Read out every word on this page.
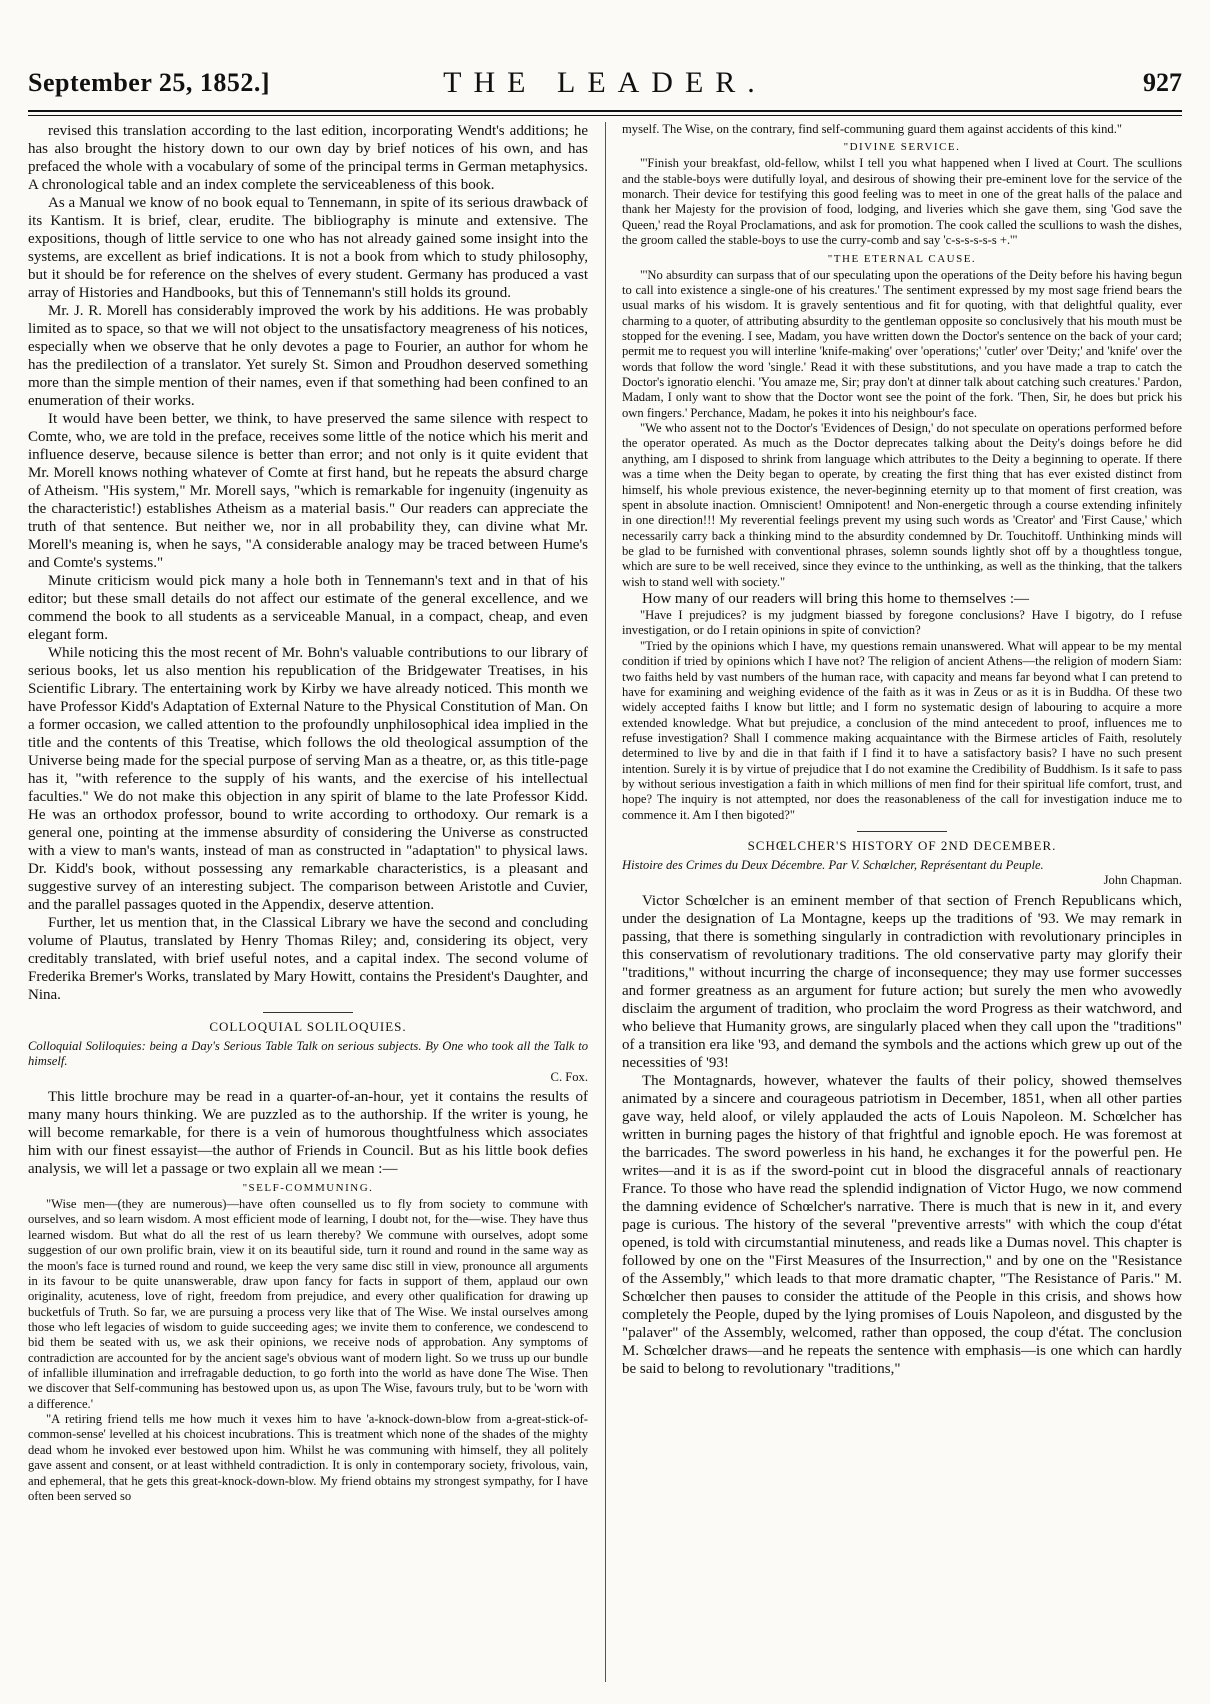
September 25, 1852.]	THE LEADER.	927

revised this translation according to the last edition, incorporating Wendt's additions; he has also brought the history down to our own day by brief notices of his own, and has prefaced the whole with a vocabulary of some of the principal terms in German metaphysics. A chronological table and an index complete the serviceableness of this book.

As a Manual we know of no book equal to Tennemann, in spite of its serious drawback of its Kantism. It is brief, clear, erudite. The bibliography is minute and extensive. The expositions, though of little service to one who has not already gained some insight into the systems, are excellent as brief indications. It is not a book from which to study philosophy, but it should be for reference on the shelves of every student. Germany has produced a vast array of Histories and Handbooks, but this of Tennemann's still holds its ground.

Mr. J. R. Morell has considerably improved the work by his additions. He was probably limited as to space, so that we will not object to the unsatisfactory meagreness of his notices, especially when we observe that he only devotes a page to Fourier, an author for whom he has the predilection of a translator. Yet surely St. Simon and Proudhon deserved something more than the simple mention of their names, even if that something had been confined to an enumeration of their works.

It would have been better, we think, to have preserved the same silence with respect to Comte, who, we are told in the preface, receives some little of the notice which his merit and influence deserve, because silence is better than error; and not only is it quite evident that Mr. Morell knows nothing whatever of Comte at first hand, but he repeats the absurd charge of Atheism. "His system," Mr. Morell says, "which is remarkable for ingenuity (ingenuity as the characteristic!) establishes Atheism as a material basis." Our readers can appreciate the truth of that sentence. But neither we, nor in all probability they, can divine what Mr. Morell's meaning is, when he says, "A considerable analogy may be traced between Hume's and Comte's systems."

Minute criticism would pick many a hole both in Tennemann's text and in that of his editor; but these small details do not affect our estimate of the general excellence, and we commend the book to all students as a serviceable Manual, in a compact, cheap, and even elegant form.

While noticing this the most recent of Mr. Bohn's valuable contributions to our library of serious books, let us also mention his republication of the Bridgewater Treatises, in his Scientific Library. The entertaining work by Kirby we have already noticed. This month we have Professor Kidd's Adaptation of External Nature to the Physical Constitution of Man. On a former occasion, we called attention to the profoundly unphilosophical idea implied in the title and the contents of this Treatise, which follows the old theological assumption of the Universe being made for the special purpose of serving Man as a theatre, or, as this title-page has it, "with reference to the supply of his wants, and the exercise of his intellectual faculties." We do not make this objection in any spirit of blame to the late Professor Kidd. He was an orthodox professor, bound to write according to orthodoxy. Our remark is a general one, pointing at the immense absurdity of considering the Universe as constructed with a view to man's wants, instead of man as constructed in "adaptation" to physical laws. Dr. Kidd's book, without possessing any remarkable characteristics, is a pleasant and suggestive survey of an interesting subject. The comparison between Aristotle and Cuvier, and the parallel passages quoted in the Appendix, deserve attention.

Further, let us mention that, in the Classical Library we have the second and concluding volume of Plautus, translated by Henry Thomas Riley; and, considering its object, very creditably translated, with brief useful notes, and a capital index. The second volume of Frederika Bremer's Works, translated by Mary Howitt, contains the President's Daughter, and Nina.

COLLOQUIAL SOLILOQUIES.

Colloquial Soliloquies: being a Day's Serious Table Talk on serious subjects. By One who took all the Talk to himself.

C. Fox.

This little brochure may be read in a quarter-of-an-hour, yet it contains the results of many many hours thinking. We are puzzled as to the authorship. If the writer is young, he will become remarkable, for there is a vein of humorous thoughtfulness which associates him with our finest essayist—the author of Friends in Council. But as his little book defies analysis, we will let a passage or two explain all we mean :—

"SELF-COMMUNING.

"Wise men—(they are numerous)—have often counselled us to fly from society to commune with ourselves, and so learn wisdom. A most efficient mode of learning, I doubt not, for the—wise. They have thus learned wisdom. But what do all the rest of us learn thereby? We commune with ourselves, adopt some suggestion of our own prolific brain, view it on its beautiful side, turn it round and round in the same way as the moon's face is turned round and round, we keep the very same disc still in view, pronounce all arguments in its favour to be quite unanswerable, draw upon fancy for facts in support of them, applaud our own originality, acuteness, love of right, freedom from prejudice, and every other qualification for drawing up bucketfuls of Truth. So far, we are pursuing a process very like that of The Wise. We instal ourselves among those who left legacies of wisdom to guide succeeding ages; we invite them to conference, we condescend to bid them be seated with us, we ask their opinions, we receive nods of approbation. Any symptoms of contradiction are accounted for by the ancient sage's obvious want of modern light. So we truss up our bundle of infallible illumination and irrefragable deduction, to go forth into the world as have done The Wise. Then we discover that Self-communing has bestowed upon us, as upon The Wise, favours truly, but to be 'worn with a difference.'

"A retiring friend tells me how much it vexes him to have 'a-knock-down-blow from a-great-stick-of-common-sense' levelled at his choicest incubrations. This is treatment which none of the shades of the mighty dead whom he invoked ever bestowed upon him. Whilst he was communing with himself, they all politely gave assent and consent, or at least withheld contradiction. It is only in contemporary society, frivolous, vain, and ephemeral, that he gets this great-knock-down-blow. My friend obtains my strongest sympathy, for I have often been served so

myself. The Wise, on the contrary, find self-communing guard them against accidents of this kind."

"DIVINE SERVICE.

"'Finish your breakfast, old-fellow, whilst I tell you what happened when I lived at Court. The scullions and the stable-boys were dutifully loyal, and desirous of showing their pre-eminent love for the service of the monarch. Their device for testifying this good feeling was to meet in one of the great halls of the palace and thank her Majesty for the provision of food, lodging, and liveries which she gave them, sing 'God save the Queen,' read the Royal Proclamations, and ask for promotion. The cook called the scullions to wash the dishes, the groom called the stable-boys to use the curry-comb and say 'c-s-s-s-s-s +.'"

"THE ETERNAL CAUSE.

"'No absurdity can surpass that of our speculating upon the operations of the Deity before his having begun to call into existence a single-one of his creatures.' The sentiment expressed by my most sage friend bears the usual marks of his wisdom. It is gravely sententious and fit for quoting, with that delightful quality, ever charming to a quoter, of attributing absurdity to the gentleman opposite so conclusively that his mouth must be stopped for the evening. I see, Madam, you have written down the Doctor's sentence on the back of your card; permit me to request you will interline 'knife-making' over 'operations;' 'cutler' over 'Deity;' and 'knife' over the words that follow the word 'single.' Read it with these substitutions, and you have made a trap to catch the Doctor's ignoratio elenchi. 'You amaze me, Sir; pray don't at dinner talk about catching such creatures.' Pardon, Madam, I only want to show that the Doctor wont see the point of the fork. 'Then, Sir, he does but prick his own fingers.' Perchance, Madam, he pokes it into his neighbour's face.

"We who assent not to the Doctor's 'Evidences of Design,' do not speculate on operations performed before the operator operated. As much as the Doctor deprecates talking about the Deity's doings before he did anything, am I disposed to shrink from language which attributes to the Deity a beginning to operate. If there was a time when the Deity began to operate, by creating the first thing that has ever existed distinct from himself, his whole previous existence, the never-beginning eternity up to that moment of first creation, was spent in absolute inaction. Omniscient! Omnipotent! and Non-energetic through a course extending infinitely in one direction!!! My reverential feelings prevent my using such words as 'Creator' and 'First Cause,' which necessarily carry back a thinking mind to the absurdity condemned by Dr. Touchitoff. Unthinking minds will be glad to be furnished with conventional phrases, solemn sounds lightly shot off by a thoughtless tongue, which are sure to be well received, since they evince to the unthinking, as well as the thinking, that the talkers wish to stand well with society."

How many of our readers will bring this home to themselves :—

"Have I prejudices? is my judgment biassed by foregone conclusions? Have I bigotry, do I refuse investigation, or do I retain opinions in spite of conviction?

"Tried by the opinions which I have, my questions remain unanswered. What will appear to be my mental condition if tried by opinions which I have not? The religion of ancient Athens—the religion of modern Siam: two faiths held by vast numbers of the human race, with capacity and means far beyond what I can pretend to have for examining and weighing evidence of the faith as it was in Zeus or as it is in Buddha. Of these two widely accepted faiths I know but little; and I form no systematic design of labouring to acquire a more extended knowledge. What but prejudice, a conclusion of the mind antecedent to proof, influences me to refuse investigation? Shall I commence making acquaintance with the Birmese articles of Faith, resolutely determined to live by and die in that faith if I find it to have a satisfactory basis? I have no such present intention. Surely it is by virtue of prejudice that I do not examine the Credibility of Buddhism. Is it safe to pass by without serious investigation a faith in which millions of men find for their spiritual life comfort, trust, and hope? The inquiry is not attempted, nor does the reasonableness of the call for investigation induce me to commence it. Am I then bigoted?"

SCHŒLCHER'S HISTORY OF 2ND DECEMBER.

Histoire des Crimes du Deux Décembre. Par V. Schœlcher, Représentant du Peuple.

John Chapman.

Victor Schœlcher is an eminent member of that section of French Republicans which, under the designation of La Montagne, keeps up the traditions of '93. We may remark in passing, that there is something singularly in contradiction with revolutionary principles in this conservatism of revolutionary traditions. The old conservative party may glorify their "traditions," without incurring the charge of inconsequence; they may use former successes and former greatness as an argument for future action; but surely the men who avowedly disclaim the argument of tradition, who proclaim the word Progress as their watchword, and who believe that Humanity grows, are singularly placed when they call upon the "traditions" of a transition era like '93, and demand the symbols and the actions which grew up out of the necessities of '93!

The Montagnards, however, whatever the faults of their policy, showed themselves animated by a sincere and courageous patriotism in December, 1851, when all other parties gave way, held aloof, or vilely applauded the acts of Louis Napoleon. M. Schœlcher has written in burning pages the history of that frightful and ignoble epoch. He was foremost at the barricades. The sword powerless in his hand, he exchanges it for the powerful pen. He writes—and it is as if the sword-point cut in blood the disgraceful annals of reactionary France. To those who have read the splendid indignation of Victor Hugo, we now commend the damning evidence of Schœlcher's narrative. There is much that is new in it, and every page is curious. The history of the several "preventive arrests" with which the coup d'état opened, is told with circumstantial minuteness, and reads like a Dumas novel. This chapter is followed by one on the "First Measures of the Insurrection," and by one on the "Resistance of the Assembly," which leads to that more dramatic chapter, "The Resistance of Paris." M. Schœlcher then pauses to consider the attitude of the People in this crisis, and shows how completely the People, duped by the lying promises of Louis Napoleon, and disgusted by the "palaver" of the Assembly, welcomed, rather than opposed, the coup d'état. The conclusion M. Schœlcher draws—and he repeats the sentence with emphasis—is one which can hardly be said to belong to revolutionary "traditions,"
